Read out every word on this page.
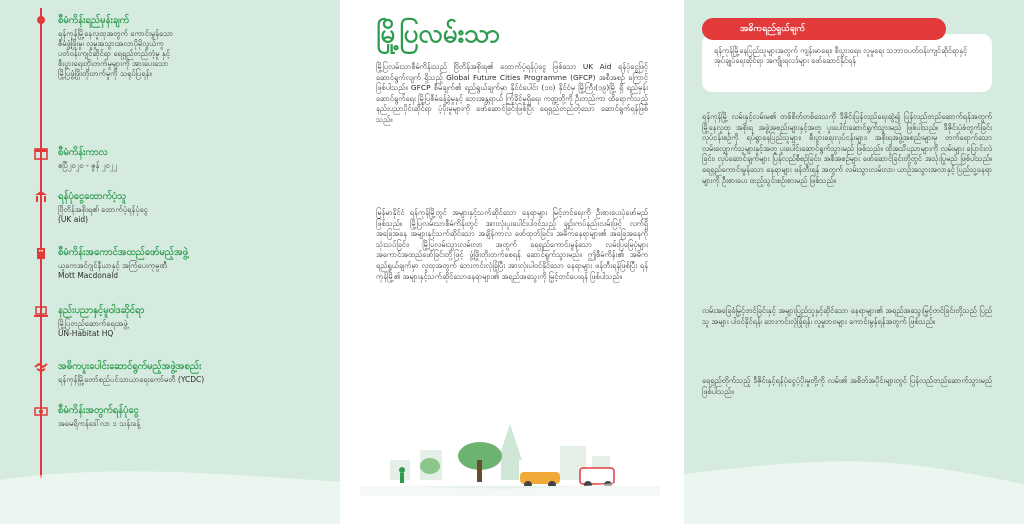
စီမံကိန်းရည်မှန်းချက်
ရန်ကုန်မြို့နေလူထုအတွက် ကောင်းမွန်သော
စီမံဖွံ့ဖြိုးမှု၊ လူမှုအသွားအလာပိုမိုလွယ်ကူ
ပတ်ဝန်းကျင်ဆိုင်ရာ ရေရှည်တည်တံ့မှု နှင့်
စီးပွားရေးတိုးတက်မှုများကို အားပေးသော
မြို့ပြဖွံ့ဖြိုးတိုးတက်မှုကို သရုပ်ပြရန်။
စီမံကိန်းကာလ
ဧပြီ၂၀၂၀ - ဇွန် ၂၀၂၂
ရန်ပုံငွေထောက်ပံ့သူ
ဗြိတိန်အစိုးရ၏ ထောက်ပံ့ရန်ပုံငွေ
(UK aid)
စီမံကိန်းအကောင်အထည်ဖော်မည့်အဖွဲ့
ယူကေအင်ဂျင်နီယာနှင့် အကြံပေးကုမ္ပဏီ
Mott Macdonald
နည်းပညာနှင့်မူဝါဒဆိုင်ရာ
မြို့ပြတည်ဆောက်ရေးအဖွဲ့
UN-Habitat HQ
အဓိကပူးပေါင်းဆောင်ရွက်မည့်အဖွဲ့အစည်း
ရန်ကုန်မြို့တော်စည်ပင်သာယာရေးကော်မတီ (YCDC)
စီမံကိန်းအတွက်ရန်ပုံငွေ
အမေရိကန်ဒေါ်လာ ၁ သန်းခန့်
မြို့ပြလမ်းသာ
မြို့ပြလမ်းသာစီမံကိန်းသည် ဗြိတိန်အစိုးရ၏ ထောက်ပံ့ရန်ပုံငွေ ဖြစ်သော UK Aid ရန်ပုံငွေဖြင့် ဆောင်ရွက်လျက် ရှိသည့် Global Future Cities Programme (GFCP) အစီအစဉ် ကြောင့် ဖြစ်ပါသည်။ GFCP စီမံချက်၏ ရည်ရွယ်ချက်မှာ နိုင်ငံပေါင်း (၁၀) နိုင်ငံမှ မြို့ကြီး(၁၉)မြို့ ရှိ ရည်မှန်းဆောင်ရွက်ရေး မြို့ပြစီမံခန့်ခွဲမှုနှင့် ဘေးအန္တရာယ် ကြံ့ခိုင်မှုရှိရေး ကဏ္ဍတို့ကို ဦးတည်ကာ ထိရောက်သည့် နည်းပညာပိုင်းဆိုင်ရာ ပံ့ပိုးမှုများကို ဖော်ဆောင်ခြင်းဖြစ်ပြီး ရေရှည်တည်တံ့သော ဆောင်ရွက်ရန်ဖြစ်သည်။
မြန်မာနိုင်ငံ ရန်ကုန်မြို့တွင် အများနှင့်သက်ဆိုင်သော နေရာများ မြင့်တင်ရေးကို ဦးစားပေးပုံဖော်မည် ဖြစ်သည်။ မြို့ပြလမ်းသာစီမံကိန်းတွင် အားလုံးပူးပေါင်းပါဝင်သည့် ချဉ်းကပ်နည်းလမ်းဖြင့် လက်ရှိအခြေအနေ အများနှင့်သက်ဆိုင်သော အချိန်ကာလ ဖော်ထုတ်ခြင်း၊ အဓိကနေရာများ၏ အခြေအနေကို သုံးသပ်ခြင်း၊ မြို့ပြလမ်းသွားလမ်းလာ အတွက် ရေရှည်ကောင်းမွန်သော လမ်းပြမြေပုံများ အကောင်အထည်ဖော်ခြင်းတို့ဖြင့် ဖွံ့ဖြိုးတိုးတက်စေရန် ဆောင်ရွက်သွားမည်။ ဤစီမံကိန်း၏ အဓိကရည်ရွယ်ချက်မှာ လူထုအတွက် ဘေးကင်းလုံခြုံပြီး အားလုံးပါဝင်နိုင်သော နေရာများ ဖန်တီးရန်ဖြစ်ပြီး ရန်ကုန်မြို့၏ အများနှင့်သက်ဆိုင်သောနေရာများ၏ အရည်အသွေးကို မြှင့်တင်ပေးရန် ဖြစ်ပါသည်။
ရန်ကုန်မြို့နေပြည်သူများအတွက် ကျန်းမာရေး၊ စီးပွားရေး၊ လူမှုရေး သဘာဝပတ်ဝန်းကျင်ဆိုင်ရာနှင့် အုပ်ချုပ်ရေးဆိုင်ရာ အကျိုးရလဒ်များ ဖော်ဆောင်နိုင်ရန်
အဓိကရည်ရွယ်ချက်
ရန်ကုန်မြို့ လမ်းနှင့်လမ်းမ၏ တစ်စိတ်တစ်ဒေသကို ဒီဇိုင်းပြန်လည်ရေးဆွဲ၍ ပြန်လည်တည်ဆောက်ရန်အတွက် မြို့နေလူထု အစိုးရ အဖွဲ့အစည်းများနှင့်အတူ ပူးပေါင်းဆောင်ရွက်သွားမည် ဖြစ်ပါသည်။ ဒီဇိုင်းပုံစံတွက်ခြင်းလုပ်ငန်းစဉ်ကို ရပ်ရွာနေပြည်သူများ၊ စီးပွားရေးလုပ်ငန်းများ၊ အစိုးရအဖွဲ့အစည်းများမှ တက်ရောက်သော လမ်းလျှောက်သူများနှင့်အတူ ပူးပေါင်းဆောင်ရွက်သွားမည် ဖြစ်သည်။ ထိုအသိပညာများကို လမ်းများ ပြောင်းလဲခြင်း၊ လုပ်ဆောင်ချက်များ ပြန်လည်စီစဉ်ခြင်း၊ အစီအစဉ်များ ဖော်ဆောင်ခြင်းတို့တွင် အသုံးပြုမည် ဖြစ်ပါသည်။ ရေရှည်ကောင်းမွန်သော နေရာများ ဖန်တီးရန် အတွက် လမ်းသွားလမ်းလာ၊ ယာဉ်အသွားအလာနှင့် ပြည်သူ့နေရာများကို ဦးစားပေး ထည့်သွင်းစဉ်းစားမည် ဖြစ်သည်။
လမ်းအခြေခံမြှင့်တင်ခြင်းနှင့် အများပြည်သူနှင့်ဆိုင်သော နေရာများ၏ အရည်အသွေးမြှင့်တင်ခြင်းတို့သည် ပြည်သူ အများ ပါဝင်နိုင်ရန်၊ ဘေးကင်းလုံခြုံရန်၊ လူမှုဘဝများ ကောင်းမွန်ရန်အတွက် ဖြစ်သည်။
ရေရှည်တိုက်သည့် ဒီဇိုင်းနှင့်ရန်ပုံငွေပံ့ပိုးမှုတို့ကို လမ်း၏ အစိတ်အပိုင်းများတွင် ပြန်လည်တည်ဆောက်သွားမည် ဖြစ်ပါသည်။
